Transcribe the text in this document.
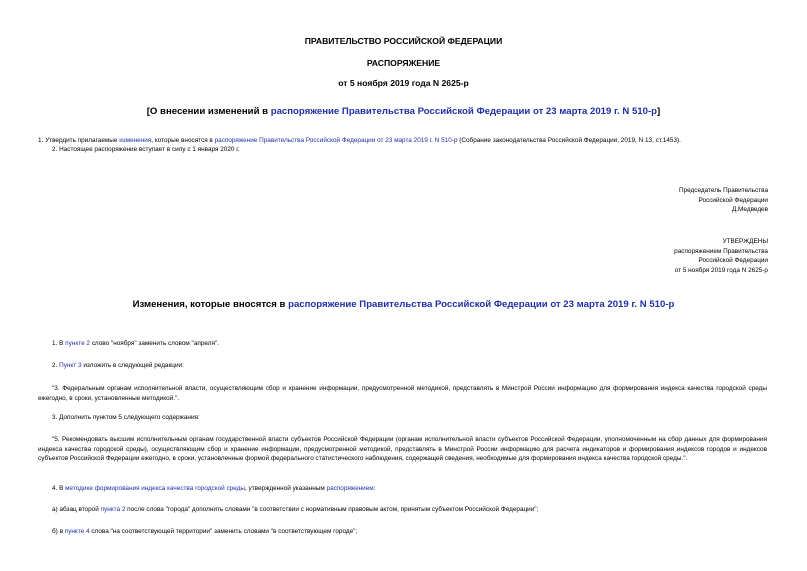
ПРАВИТЕЛЬСТВО РОССИЙСКОЙ ФЕДЕРАЦИИ
РАСПОРЯЖЕНИЕ
от 5 ноября 2019 года N 2625-р
[О внесении изменений в распоряжение Правительства Российской Федерации от 23 марта 2019 г. N 510-р]
1. Утвердить прилагаемые изменения, которые вносятся в распоряжение Правительства Российской Федерации от 23 марта 2019 г. N 510-р (Собрание законодательства Российской Федерации, 2019, N 13, ст.1453).
2. Настоящее распоряжение вступает в силу с 1 января 2020 г.
Председатель Правительства
Российской Федерации
Д.Медведев
УТВЕРЖДЕНЫ
распоряжением Правительства
Российской Федерации
от 5 ноября 2019 года N 2625-р
Изменения, которые вносятся в распоряжение Правительства Российской Федерации от 23 марта 2019 г. N 510-р
1. В пункте 2 слово "ноября" заменить словом "апреля".
2. Пункт 3 изложить в следующей редакции:
"3. Федеральным органам исполнительной власти, осуществляющим сбор и хранение информации, предусмотренной методикой, представлять в Минстрой России информацию для формирования индекса качества городской среды ежегодно, в сроки, установленные методикой.".
3. Дополнить пунктом 5 следующего содержания:
"5. Рекомендовать высшим исполнительным органам государственной власти субъектов Российской Федерации (органам исполнительной власти субъектов Российской Федерации, уполномоченным на сбор данных для формирования индекса качества городской среды), осуществляющим сбор и хранение информации, предусмотренной методикой, представлять в Минстрой России информацию для расчета индикаторов и формирования индексов городов и индексов субъектов Российской Федерации ежегодно, в сроки, установленные формой федерального статистического наблюдения, содержащей сведения, необходимые для формирования индекса качества городской среды.".
4. В методике формирования индекса качества городской среды, утвержденной указанным распоряжением:
а) абзац второй пункта 2 после слова "города" дополнить словами "в соответствии с нормативным правовым актом, принятым субъектом Российской Федерации";
б) в пункте 4 слова "на соответствующей территории" заменить словами "в соответствующем городе";
